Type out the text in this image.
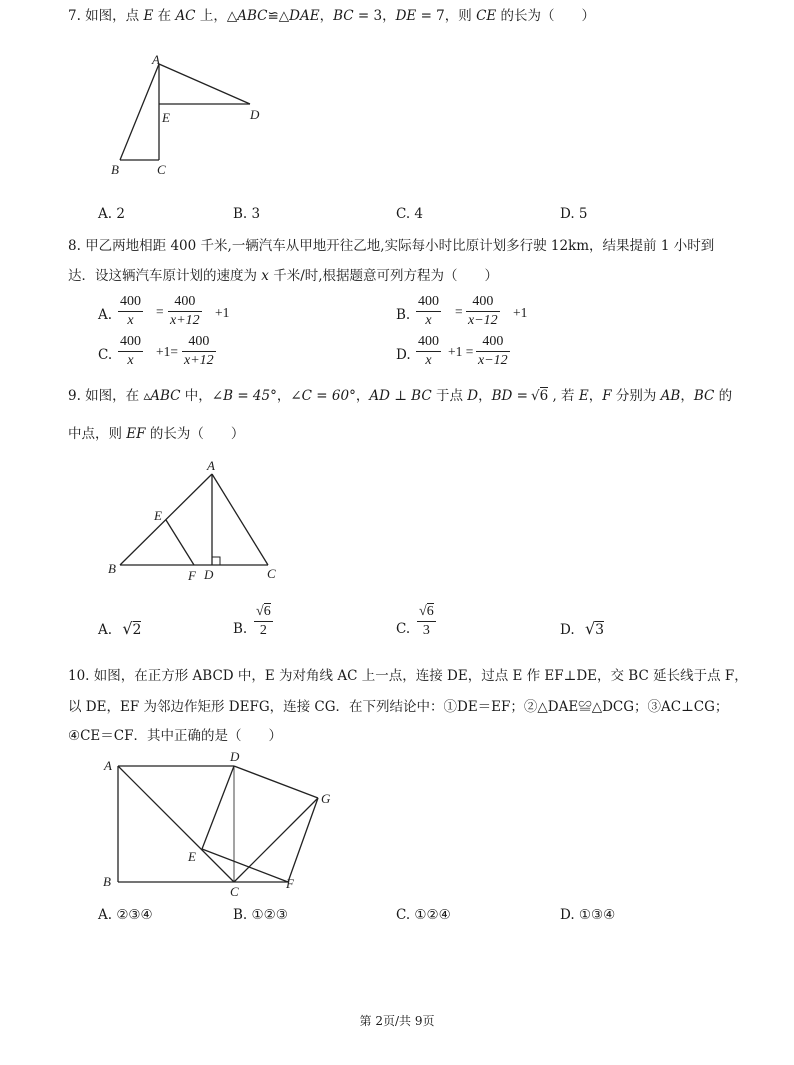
7. 如图，点 E 在 AC 上，△ABC≌△DAE，BC = 3，DE = 7，则 CE 的长为（　　）
A
E	D
B	C
A. 2	B. 3	C. 4	D. 5
8. 甲乙两地相距 400 千米,一辆汽车从甲地开往乙地,实际每小时比原计划多行驶 12km，结果提前 1 小时到
达．设这辆汽车原计划的速度为 x 千米/时,根据题意可列方程为（　　）
A.
400
x
=
400
x+12
+1	B.
400
x
=
400
x−12
+1
C.
400
x
+1=
400
x+12	D.
400
x
+1 =
400
x−12
9. 如图，在 ▵ABC 中，∠B = 45°，∠C = 60°，AD ⊥ BC 于点 D，BD = √6 , 若 E，F 分别为 AB，BC 的
中点，则 EF 的长为（　　）
A
E
B	F D	C
A. √2	B.
√6
2	C.
√6
3	D. √3
10. 如图，在正方形 ABCD 中，E 为对角线 AC 上一点，连接 DE，过点 E 作 EF⊥DE，交 BC 延长线于点 F，
以 DE，EF 为邻边作矩形 DEFG，连接 CG．在下列结论中：①DE＝EF；②△DAE≌△DCG；③AC⊥CG；
④CE＝CF．其中正确的是（　　）
A
D
G
E
B
C
F
A. ②③④	B. ①②③	C. ①②④	D. ①③④
第 2页/共 9页
